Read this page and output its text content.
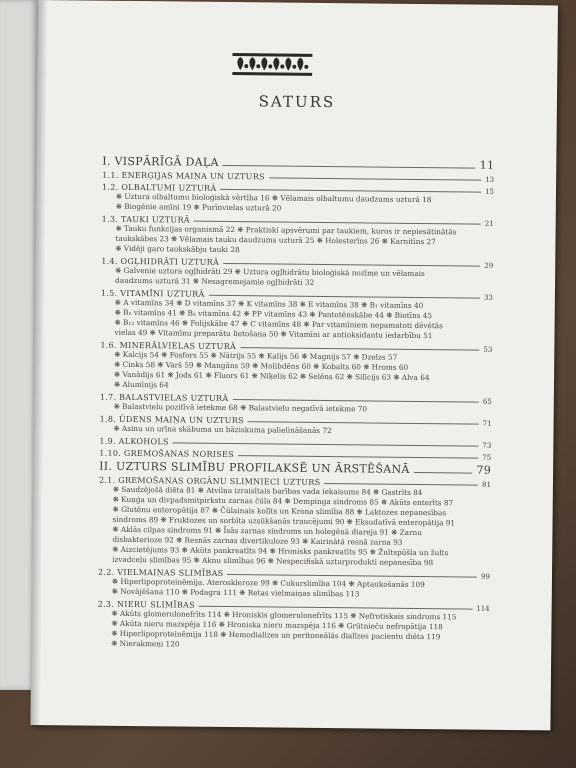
SATURS
I. VISPĀRĪGĀ DAĻA	11
1.1. ENERĢIJAS MAIŅA UN UZTURS	13
1.2. OLBALTUMI UZTURĀ	15
❋ Uztura olbaltumu bioloģiskā vērtība 16 ❋ Vēlamais olbaltumu daudzums uzturā 18
❋ Biogēnie amīni 19 ❋ Purīnvielas uzturā 20
1.3. TAUKI UZTURĀ	21
❋ Tauku funkcijas organismā 22 ❋ Praktiski apsvērumi par taukiem, kuros ir nepiesātinātās
taukskābes 23 ❋ Vēlamais tauku daudzums uzturā 25 ❋ Holesterīns 26 ❋ Karnitīns 27
❋ Vidēji garo taukskābju tauki 28
1.4. OGĻHIDRĀTI UZTURĀ	29
❋ Galvenie uztura ogļhidrāti 29 ❋ Uztura ogļhidrātu bioloģiskā nozīme un vēlamais
daudzums uzturā 31 ❋ Nesagremojamie ogļhidrāti 32
1.5. VITAMĪNI UZTURĀ	33
❋ A vitamīns 34 ❋ D vitamīns 37 ❋ K vitamīns 38 ❋ E vitamīns 38 ❋ B₁ vitamīns 40
❋ B₂ vitamīns 41 ❋ B₆ vitamīns 42 ❋ PP vitamīns 43 ❋ Pantotēnskābe 44 ❋ Biotīns 45
❋ B₁₂ vitamīns 46 ❋ Folijskābe 47 ❋ C vitamīns 48 ❋ Par vitamīniem nepamatoti dēvētās
vielas 49 ❋ Vitamīnu preparātu lietošana 50 ❋ Vitamīni ar antioksidantu iedarbību 51
1.6. MINERĀLVIELAS UZTURĀ	53
❋ Kalcijs 54 ❋ Fosfors 55 ❋ Nātrijs 55 ❋ Kalijs 56 ❋ Magnijs 57 ❋ Dzelzs 57
❋ Cinks 58 ❋ Varš 59 ❋ Mangāns 59 ❋ Molibdēns 60 ❋ Kobalts 60 ❋ Hroms 60
❋ Vanādijs 61 ❋ Jods 61 ❋ Fluors 61 ❋ Niķelis 62 ❋ Selēns 62 ❋ Silīcijs 63 ❋ Alva 64
❋ Alumīnijs 64
1.7. BALASTVIELAS UZTURĀ	65
❋ Balastvielu pozitīvā ietekme 68 ❋ Balastvielu negatīvā ietekme 70
1.8. ŪDENS MAIŅA UN UZTURS	71
❋ Asinu un urīna skābuma un bāziskuma palielināšanās 72
1.9. ALKOHOLS	73
1.10. GREMOŠANAS NORISES	75
II. UZTURS SLIMĪBU PROFILAKSĒ UN ĀRSTĒŠANĀ	79
2.1. GREMOŠANAS ORGĀNU SLIMNIECI UZTURS	81
❋ Saudzējošā diēta 81 ❋ Atvilņa izraisītais barības vada iekaisums 84 ❋ Gastrīts 84
❋ Kuņģa un divpadsmitpirkstu zarnas čūla 84 ❋ Dempinga sindroms 85 ❋ Akūts enterīts 87
❋ Glutēnu enteropātija 87 ❋ Čūlainais kolīts un Krona slimība 88 ❋ Laktozes nepanesības
sindroms 89 ❋ Fruktozes un sorbīta uzsūkšanās traucējumi 90 ❋ Eksudatīvā enteropātija 91
❋ Aklās cilpas sindroms 91 ❋ Īsās zarnas sindroms un holegēnā diareja 91 ❋ Zarnu
disbakterioze 92 ❋ Resnās zarnas divertikuloze 93 ❋ Kairinātā resnā zarna 93
❋ Aizcietējums 93 ❋ Akūts pankreatīts 94 ❋ Hronisks pankreatīts 95 ❋ Žultspūšļa un žults
izvadceļu slimības 95 ❋ Aknu slimības 96 ❋ Nespecifiskā uzturprodukti nepanesība 98
2.2. VIELMAIŅAS SLIMĪBAS	99
❋ Hiperlipoproteinēmija. Ateroskleroze 99 ❋ Cukurslimība 104 ❋ Aptaukošanās 109
❋ Novājēšana 110 ❋ Podagra 111 ❋ Retas vielmaiņas slimības 113
2.3. NIERU SLIMĪBAS	114
❋ Akūts glomerulonefrīts 114 ❋ Hroniskis glomerulonefrīts 115 ❋ Nefrotiskais sindroms 115
❋ Akūta nieru mazspēja 116 ❋ Hroniska nieru mazspēja 116 ❋ Grūtnieču nefropātija 118
❋ Hiperlipoproteinēmija 118 ❋ Hemodializes un peritoneālās dialīzes pacientu diēta 119
❋ Nierakmeņi 120
